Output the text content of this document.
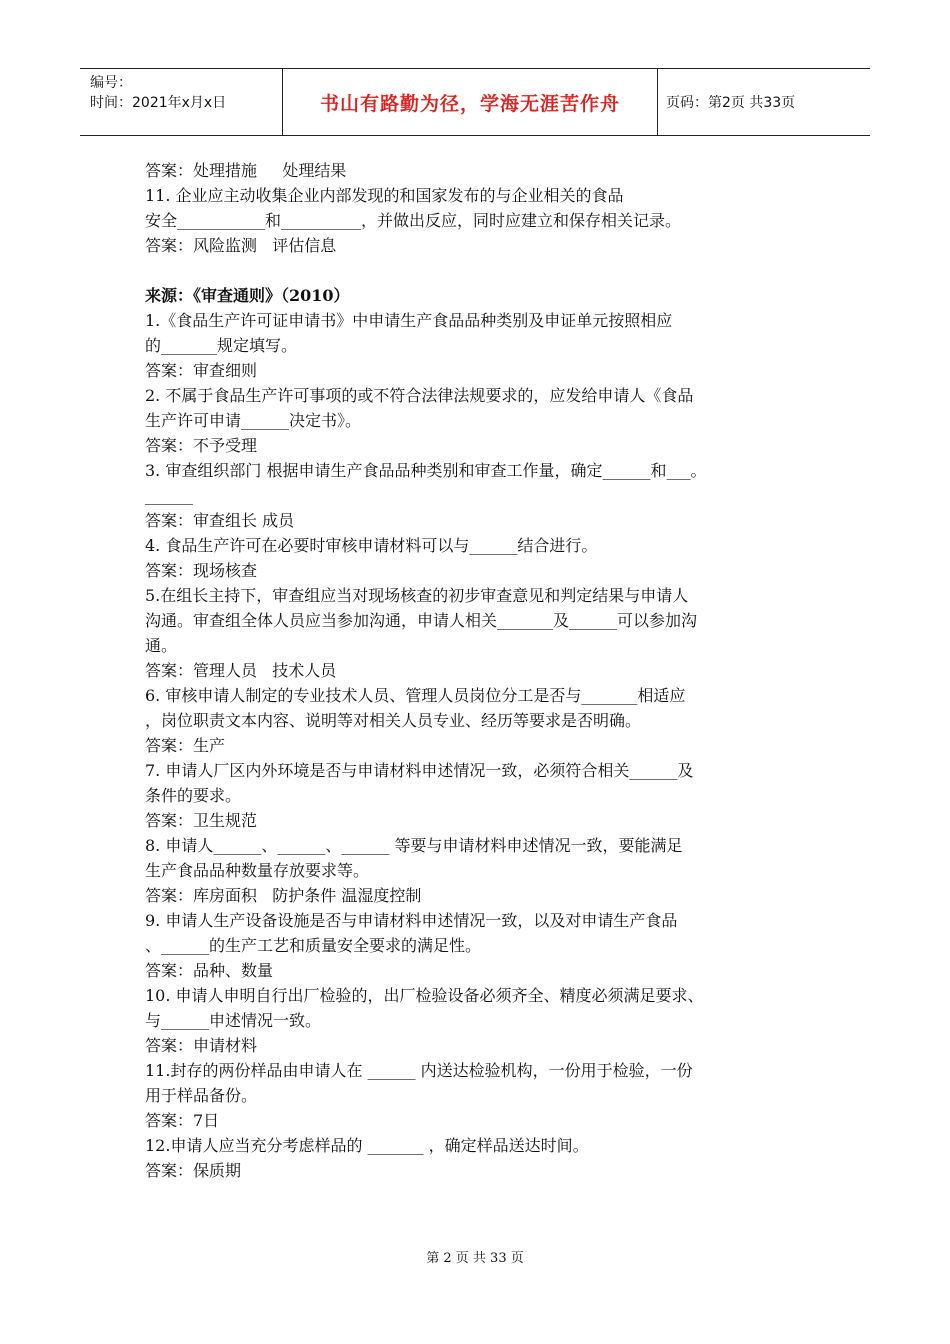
编号：
时间：2021年x月x日	书山有路勤为径，学海无涯苦作舟	页码：第2页 共33页
答案：处理措施     处理结果
11. 企业应主动收集企业内部发现的和国家发布的与企业相关的食品
安全___________和__________，并做出反应，同时应建立和保存相关记录。
答案：风险监测   评估信息
来源：《审查通则》（2010）
1.《食品生产许可证申请书》中申请生产食品品种类别及申证单元按照相应
的_______规定填写。
答案：审查细则
2. 不属于食品生产许可事项的或不符合法律法规要求的，应发给申请人《食品
生产许可申请______决定书》。
答案：不予受理
3. 审查组织部门 根据申请生产食品品种类别和审查工作量，确定______和___。
______
答案：审查组长 成员
4. 食品生产许可在必要时审核申请材料可以与______结合进行。
答案：现场核查
5.在组长主持下，审查组应当对现场核查的初步审查意见和判定结果与申请人
沟通。审查组全体人员应当参加沟通，申请人相关_______及______可以参加沟
通。
答案：管理人员   技术人员
6. 审核申请人制定的专业技术人员、管理人员岗位分工是否与_______相适应
，岗位职责文本内容、说明等对相关人员专业、经历等要求是否明确。
答案：生产
7. 申请人厂区内外环境是否与申请材料申述情况一致，必须符合相关______及
条件的要求。
答案：卫生规范
8. 申请人______、______、______ 等要与申请材料申述情况一致，要能满足
生产食品品种数量存放要求等。
答案：库房面积   防护条件 温湿度控制
9. 申请人生产设备设施是否与申请材料申述情况一致，以及对申请生产食品
、______的生产工艺和质量安全要求的满足性。
答案：品种、数量
10. 申请人申明自行出厂检验的，出厂检验设备必须齐全、精度必须满足要求、
与______申述情况一致。
答案：申请材料
11.封存的两份样品由申请人在 ______ 内送达检验机构，一份用于检验，一份
用于样品备份。
答案：7日
12.申请人应当充分考虑样品的 _______ ，确定样品送达时间。
答案：保质期
第 2 页 共 33 页
